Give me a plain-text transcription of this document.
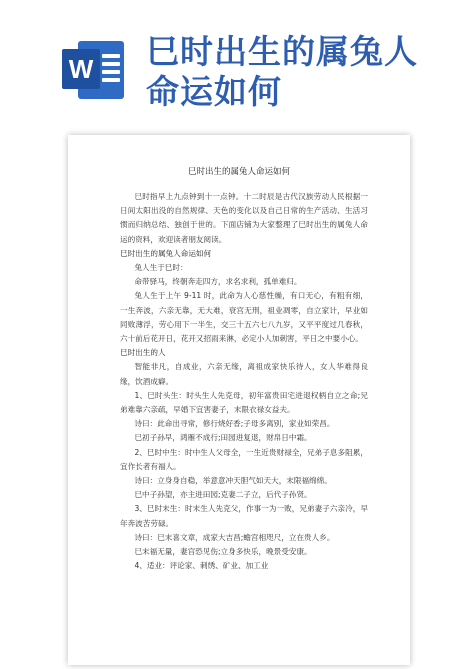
W 巳时出生的属兔人
命运如何
巳时出生的属兔人命运如何

巳时指早上九点钟到十一点钟。十二时辰是古代汉族劳动人民根据一日间太阳出没的自然规律、天色的变化以及自己日常的生产活动、生活习惯而归纳总结、独创于世的。下面店铺为大家整理了巳时出生的属兔人命运的资料，欢迎读者朋友阅读。

巳时出生的属兔人命运如何

兔人生于巳时：

命带驿马，终朝奔走四方，求名求利，孤单难归。

兔人生于上午 9-11 时，此命为人心慈性燥，有口无心，有粗有细，一生奔波，六亲无靠，无大难，衰宫无刑，祖业凋零，自立家计，早业如同败薄浮，劳心用下一半生，交三十五六七八九岁，又平平度过几春秋，六十前后花开日，花开又招雨来淋，必定小人加刺害，平日之中要小心。

巳时出生的人

智能非凡，自成业，六亲无缘，离祖成家快乐待人，女人华难得良缘，饮酒成癖。

1、巳时头生：时头生人先克母，初年富贵田宅进退权柄自立之命;兄弟难靠六亲疏，早婚下宜害妻子，末限衣禄女益夫。

诗曰：此命出寻常，修行烧好香;子母多离别，家业如荣昌。

巳初子孙早，鸿雁不成行;田园进复退，财帛日中霜。

2、巳时中生：时中生人父母全，一生近贵财禄全，兄弟子息多阻累，宜作长者有福人。

诗曰：立身身自稳，举意意冲天胆气如天大，末限福绵绵。

巳中子孙望，亦主进田园;克妻二子立，后代子孙贤。

3、巳时末生：时末生人先克父，作事一为一败，兄弟妻子六亲冷，早年奔波苦劳碌。

诗曰：巳末喜文章，成家大吉昌;蟾宫相咫尺，立在贵人乡。

巳末福无量，妻宫恐见伤;立身多快乐，晚景受安康。

4、适业：评论家、刺绣、矿业、加工业
